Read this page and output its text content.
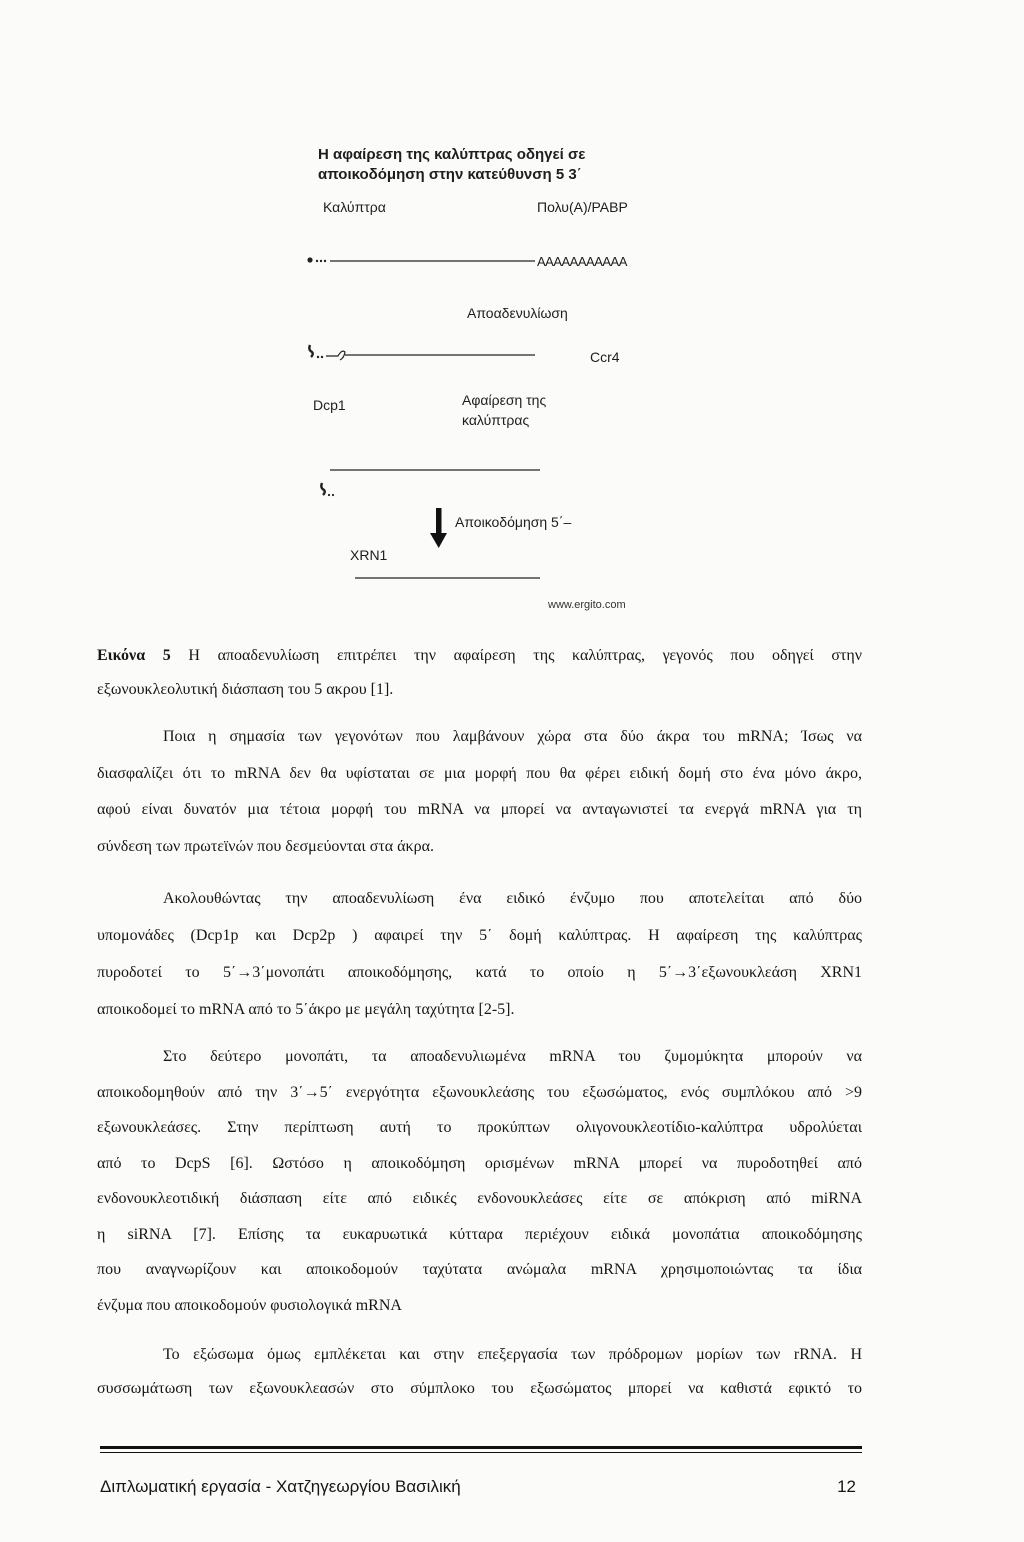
Η αφαίρεση της καλύπτρας οδηγεί σε
αποικοδόμηση στην κατεύθυνση 5 3΄
Καλύπτρα	Πολυ(Α)/PABP
AAAAAAAAAAA
Αποαδενυλίωση
Ccr4
Dcp1	Αφαίρεση της
καλύπτρας
Αποικοδόμηση 5΄–
XRN1
www.ergito.com
Εικόνα 5 Η αποαδενυλίωση επιτρέπει την αφαίρεση της καλύπτρας, γεγονός που οδηγεί στην
εξωνουκλεολυτική διάσπαση του 5 ακρου [1].
Ποια η σημασία των γεγονότων που λαμβάνουν χώρα στα δύο άκρα του mRNA; Ίσως να
διασφαλίζει ότι το mRNA δεν θα υφίσταται σε μια μορφή που θα φέρει ειδική δομή στο ένα μόνο άκρο,
αφού είναι δυνατόν μια τέτοια μορφή του mRNA να μπορεί να ανταγωνιστεί τα ενεργά mRNA για τη
σύνδεση των πρωτεϊνών που δεσμεύονται στα άκρα.
Ακολουθώντας την αποαδενυλίωση ένα ειδικό ένζυμο που αποτελείται από δύο
υπομονάδες (Dcp1p και Dcp2p ) αφαιρεί την 5΄ δομή καλύπτρας. Η αφαίρεση της καλύπτρας
πυροδοτεί το 5΄→3΄μονοπάτι αποικοδόμησης, κατά το οποίο η 5΄→3΄εξωνουκλεάση XRN1
αποικοδομεί το mRNA από το 5΄άκρο με μεγάλη ταχύτητα [2-5].
Στο δεύτερο μονοπάτι, τα αποαδενυλιωμένα mRNA του ζυμομύκητα μπορούν να
αποικοδομηθούν από την 3΄→5΄ ενεργότητα εξωνουκλεάσης του εξωσώματος, ενός συμπλόκου από >9
εξωνουκλεάσες. Στην περίπτωση αυτή το προκύπτων ολιγονουκλεοτίδιο-καλύπτρα υδρολύεται
από το DcpS [6]. Ωστόσο η αποικοδόμηση ορισμένων mRNA μπορεί να πυροδοτηθεί από
ενδονουκλεοτιδική διάσπαση είτε από ειδικές ενδονουκλεάσες είτε σε απόκριση από miRNA
η siRNA [7]. Επίσης τα ευκαρυωτικά κύτταρα περιέχουν ειδικά μονοπάτια αποικοδόμησης
που αναγνωρίζουν και αποικοδομούν ταχύτατα ανώμαλα mRNA χρησιμοποιώντας τα ίδια
ένζυμα που αποικοδομούν φυσιολογικά mRNA
Το εξώσωμα όμως εμπλέκεται και στην επεξεργασία των πρόδρομων μορίων των rRNA. Η
συσσωμάτωση των εξωνουκλεασών στο σύμπλοκο του εξωσώματος μπορεί να καθιστά εφικτό το
Διπλωματική εργασία - Χατζηγεωργίου Βασιλική	12
